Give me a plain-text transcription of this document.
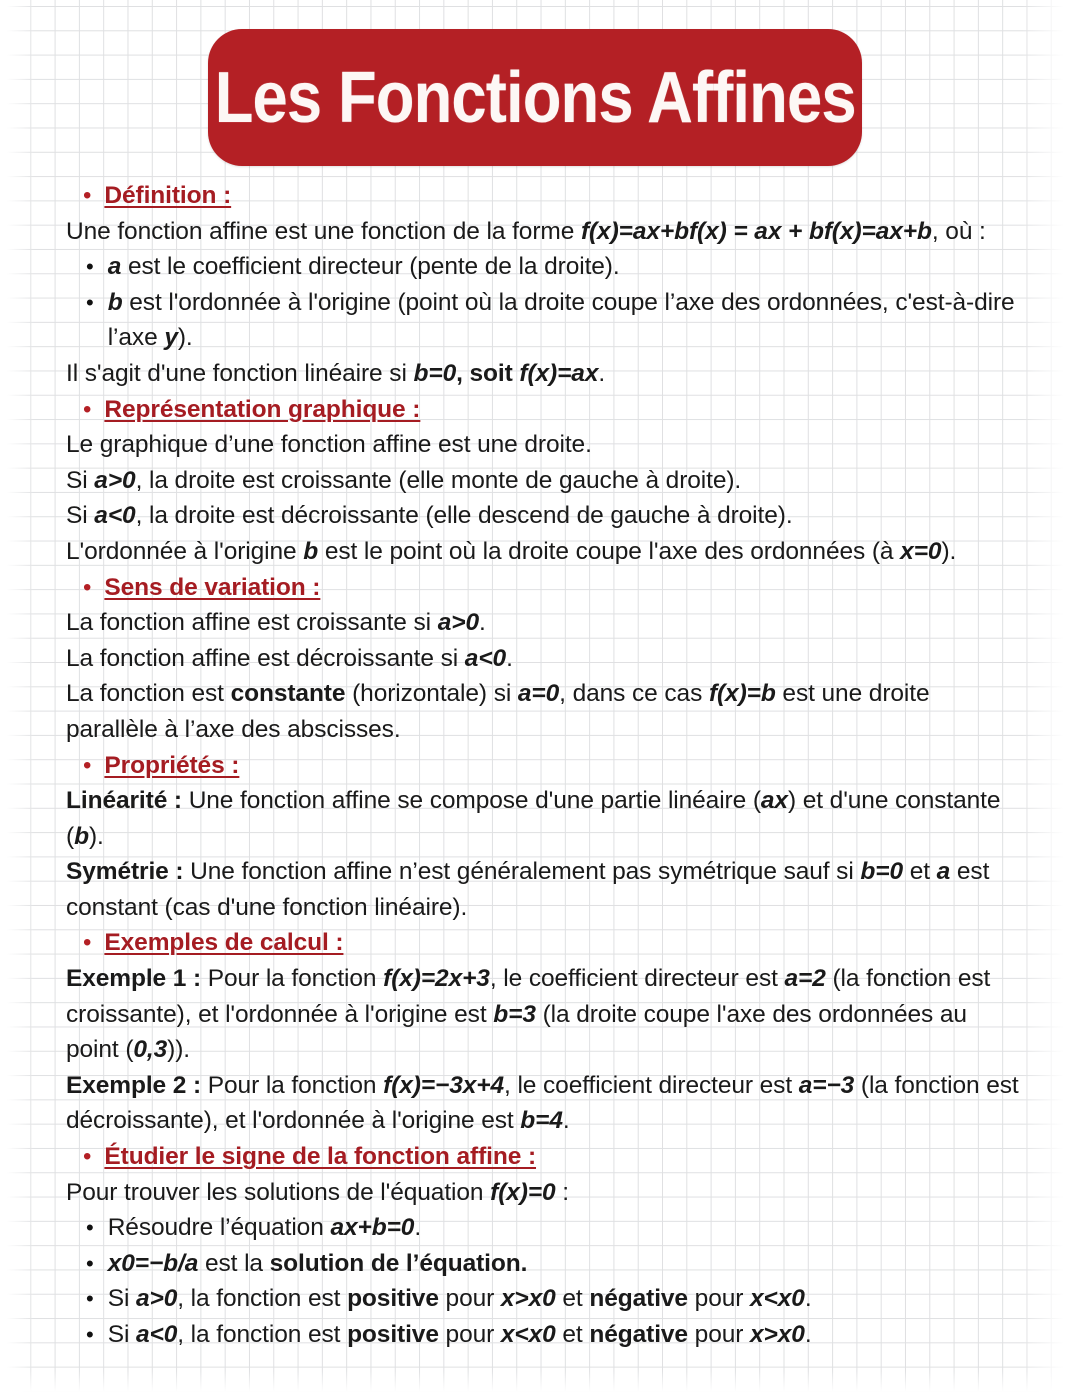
Les Fonctions Affines
• Définition :

Une fonction affine est une fonction de la forme f(x)=ax+bf(x) = ax + bf(x)=ax+b, où :

• a est le coefficient directeur (pente de la droite).
• b est l'ordonnée à l'origine (point où la droite coupe l’axe des ordonnées, c'est-à-dire l’axe y).

Il s'agit d'une fonction linéaire si b=0, soit f(x)=ax.

• Représentation graphique :

Le graphique d’une fonction affine est une droite.

Si a>0, la droite est croissante (elle monte de gauche à droite).

Si a<0, la droite est décroissante (elle descend de gauche à droite).

L'ordonnée à l'origine b est le point où la droite coupe l'axe des ordonnées (à x=0).

• Sens de variation :

La fonction affine est croissante si a>0.

La fonction affine est décroissante si a<0.

La fonction est constante (horizontale) si a=0, dans ce cas f(x)=b est une droite parallèle à l’axe des abscisses.

• Propriétés :

Linéarité : Une fonction affine se compose d'une partie linéaire (ax) et d'une constante (b).

Symétrie : Une fonction affine n’est généralement pas symétrique sauf si b=0 et a est constant (cas d'une fonction linéaire).

• Exemples de calcul :

Exemple 1 : Pour la fonction f(x)=2x+3, le coefficient directeur est a=2 (la fonction est croissante), et l'ordonnée à l'origine est b=3 (la droite coupe l'axe des ordonnées au point (0,3)).

Exemple 2 : Pour la fonction f(x)=−3x+4, le coefficient directeur est a=−3 (la fonction est décroissante), et l'ordonnée à l'origine est b=4.

• Étudier le signe de la fonction affine :

Pour trouver les solutions de l'équation f(x)=0 :

• Résoudre l’équation ax+b=0.
• x0=−b/a est la solution de l’équation.
• Si a>0, la fonction est positive pour x>x0 et négative pour x<x0.
• Si a<0, la fonction est positive pour x<x0 et négative pour x>x0.
